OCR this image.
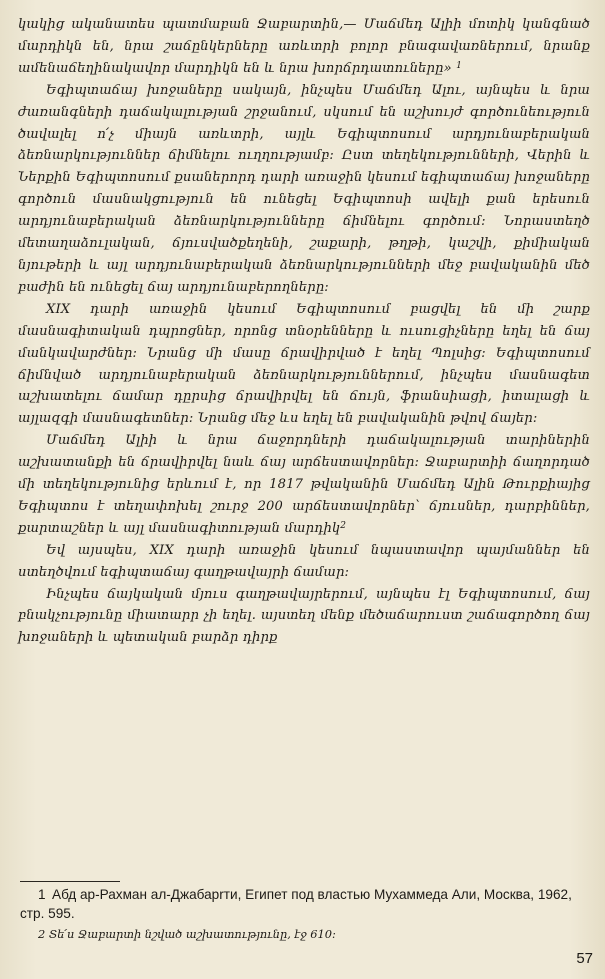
կակից ականատես պատմաբան Ջաբարտին,— Մաճմեդ Ալիի մոտիկ կանգնած մարդիկն են, նրա շաճընկերները առևտրի բոլոր բնագավառներում, նրանք ամենաճեղինակավոր մարդիկն են և նրա խորճրդատուները» $^1$

Եգիպտաճայ խոջաները սակայն, ինչպես Մաճմեդ Ալու, այնպես և նրա ժառանգների դաճակալության շրջանում, սկսում են աշխույժ գործունեություն ծավալել ո՛չ միայն առևտրի, այլև Եգիպտոսում արդյունաբերական ձեռնարկություններ ճիմնելու ուղղությամբ։ Ըստ տեղեկությունների, Վերին և Ներքին Եգիպտոսում քսաներորդ դարի առաջին կեսում եգիպտաճայ խոջաները գործուն մասնակցություն են ունեցել Եգիպտոսի ավելի քան երեսուն արդյունաբերական ձեռնարկությունները ճիմնելու գործում։ Նորաստեղծ մետաղաձուլական, ճյուսվածքեղենի, շաքարի, թղթի, կաշվի, քիմիական նյութերի և այլ արդյունաբերական ձեռնարկությունների մեջ բավականին մեծ բաժին են ունեցել ճայ արդյունաբերողները։

XIX դարի առաջին կեսում Եգիպտոսում բացվել են մի շարք մասնագիտական դպրոցներ, որոնց տնօրենները և ուսուցիչները եղել են ճայ մանկավարժներ։ Նրանց մի մասը ճրավիրված է եղել Պոլսից։ Եգիպտոսում ճիմնված արդյունաբերական ձեռնարկություններում, ինչպես մասնագետ աշխատելու ճամար դըրսից ճրավիրվել են ճույն, ֆրանսիացի, իտալացի և այլազգի մասնագետներ։ Նրանց մեջ ևս եղել են բավականին թվով ճայեր։

Մաճմեդ Ալիի և նրա ճաջորդների դաճակալության տարիներին աշխատանքի են ճրավիրվել նաև ճայ արճեստավորներ։ Ջաբարտիի ճաղորդած մի տեղեկությունից երևում է, որ 1817 թվականին Մաճմեդ Ալին Թուրքիայից Եգիպտոս է տեղափոխել շուրջ 200 արճեստավորներ՝ ճյուսներ, դարբիններ, քարտաշներ և այլ մասնագիտության մարդիկ$^2$

Եվ այսպես, XIX դարի առաջին կեսում նպաստավոր պայմաններ են ստեղծվում եգիպտաճայ գաղթավայրի ճամար։

Ինչպես ճայկական մյուս գաղթավայրերում, այնպես էլ Եգիպտոսում, ճայ բնակչությունը միատարր չի եղել. այստեղ մենք մեծաճարուստ շաճագործող ճայ խոջաների և պետական բարձր դիրք

1 Абд ар-Рахман ал-Джабарrти, Египет под властью Мухаммеда Али, Москва, 1962, стр. 595.

2 Տե՛ս Ջաբարտի նշված աշխատությունը, էջ 610։

57
